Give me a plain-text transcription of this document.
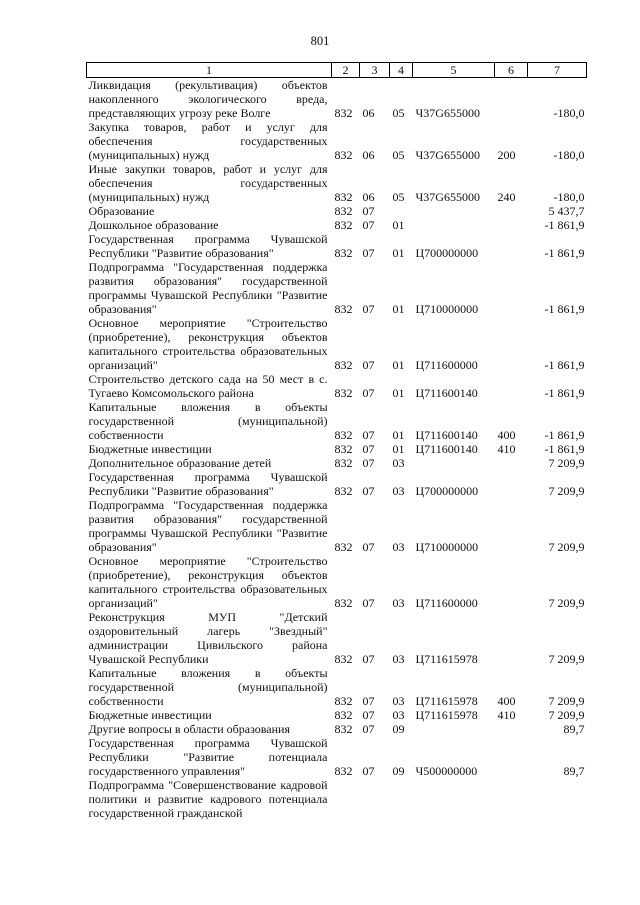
801
1	2	3	4	5	6	7
Ликвидация (рекультивация) объектов накопленного экологического вреда, представляющих угрозу реке Волге	832	06	05	Ч37G655000		-180,0
Закупка товаров, работ и услуг для обеспечения государственных (муниципальных) нужд	832	06	05	Ч37G655000	200	-180,0
Иные закупки товаров, работ и услуг для обеспечения государственных (муниципальных) нужд	832	06	05	Ч37G655000	240	-180,0
Образование	832	07				5 437,7
Дошкольное образование	832	07	01			-1 861,9
Государственная программа Чувашской Республики "Развитие образования"	832	07	01	Ц700000000		-1 861,9
Подпрограмма "Государственная поддержка развития образования" государственной программы Чувашской Республики "Развитие образования"	832	07	01	Ц710000000		-1 861,9
Основное мероприятие "Строительство (приобретение), реконструкция объектов капитального строительства образовательных организаций"	832	07	01	Ц711600000		-1 861,9
Строительство детского сада на 50 мест в с. Тугаево Комсомольского района	832	07	01	Ц711600140		-1 861,9
Капитальные вложения в объекты государственной (муниципальной) собственности	832	07	01	Ц711600140	400	-1 861,9
Бюджетные инвестиции	832	07	01	Ц711600140	410	-1 861,9
Дополнительное образование детей	832	07	03			7 209,9
Государственная программа Чувашской Республики "Развитие образования"	832	07	03	Ц700000000		7 209,9
Подпрограмма "Государственная поддержка развития образования" государственной программы Чувашской Республики "Развитие образования"	832	07	03	Ц710000000		7 209,9
Основное мероприятие "Строительство (приобретение), реконструкция объектов капитального строительства образовательных организаций"	832	07	03	Ц711600000		7 209,9
Реконструкция МУП "Детский оздоровительный лагерь "Звездный" администрации Цивильского района Чувашской Республики	832	07	03	Ц711615978		7 209,9
Капитальные вложения в объекты государственной (муниципальной) собственности	832	07	03	Ц711615978	400	7 209,9
Бюджетные инвестиции	832	07	03	Ц711615978	410	7 209,9
Другие вопросы в области образования	832	07	09			89,7
Государственная программа Чувашской Республики "Развитие потенциала государственного управления"	832	07	09	Ч500000000		89,7
Подпрограмма "Совершенствование кадровой политики и развитие кадрового потенциала государственной гражданской						
